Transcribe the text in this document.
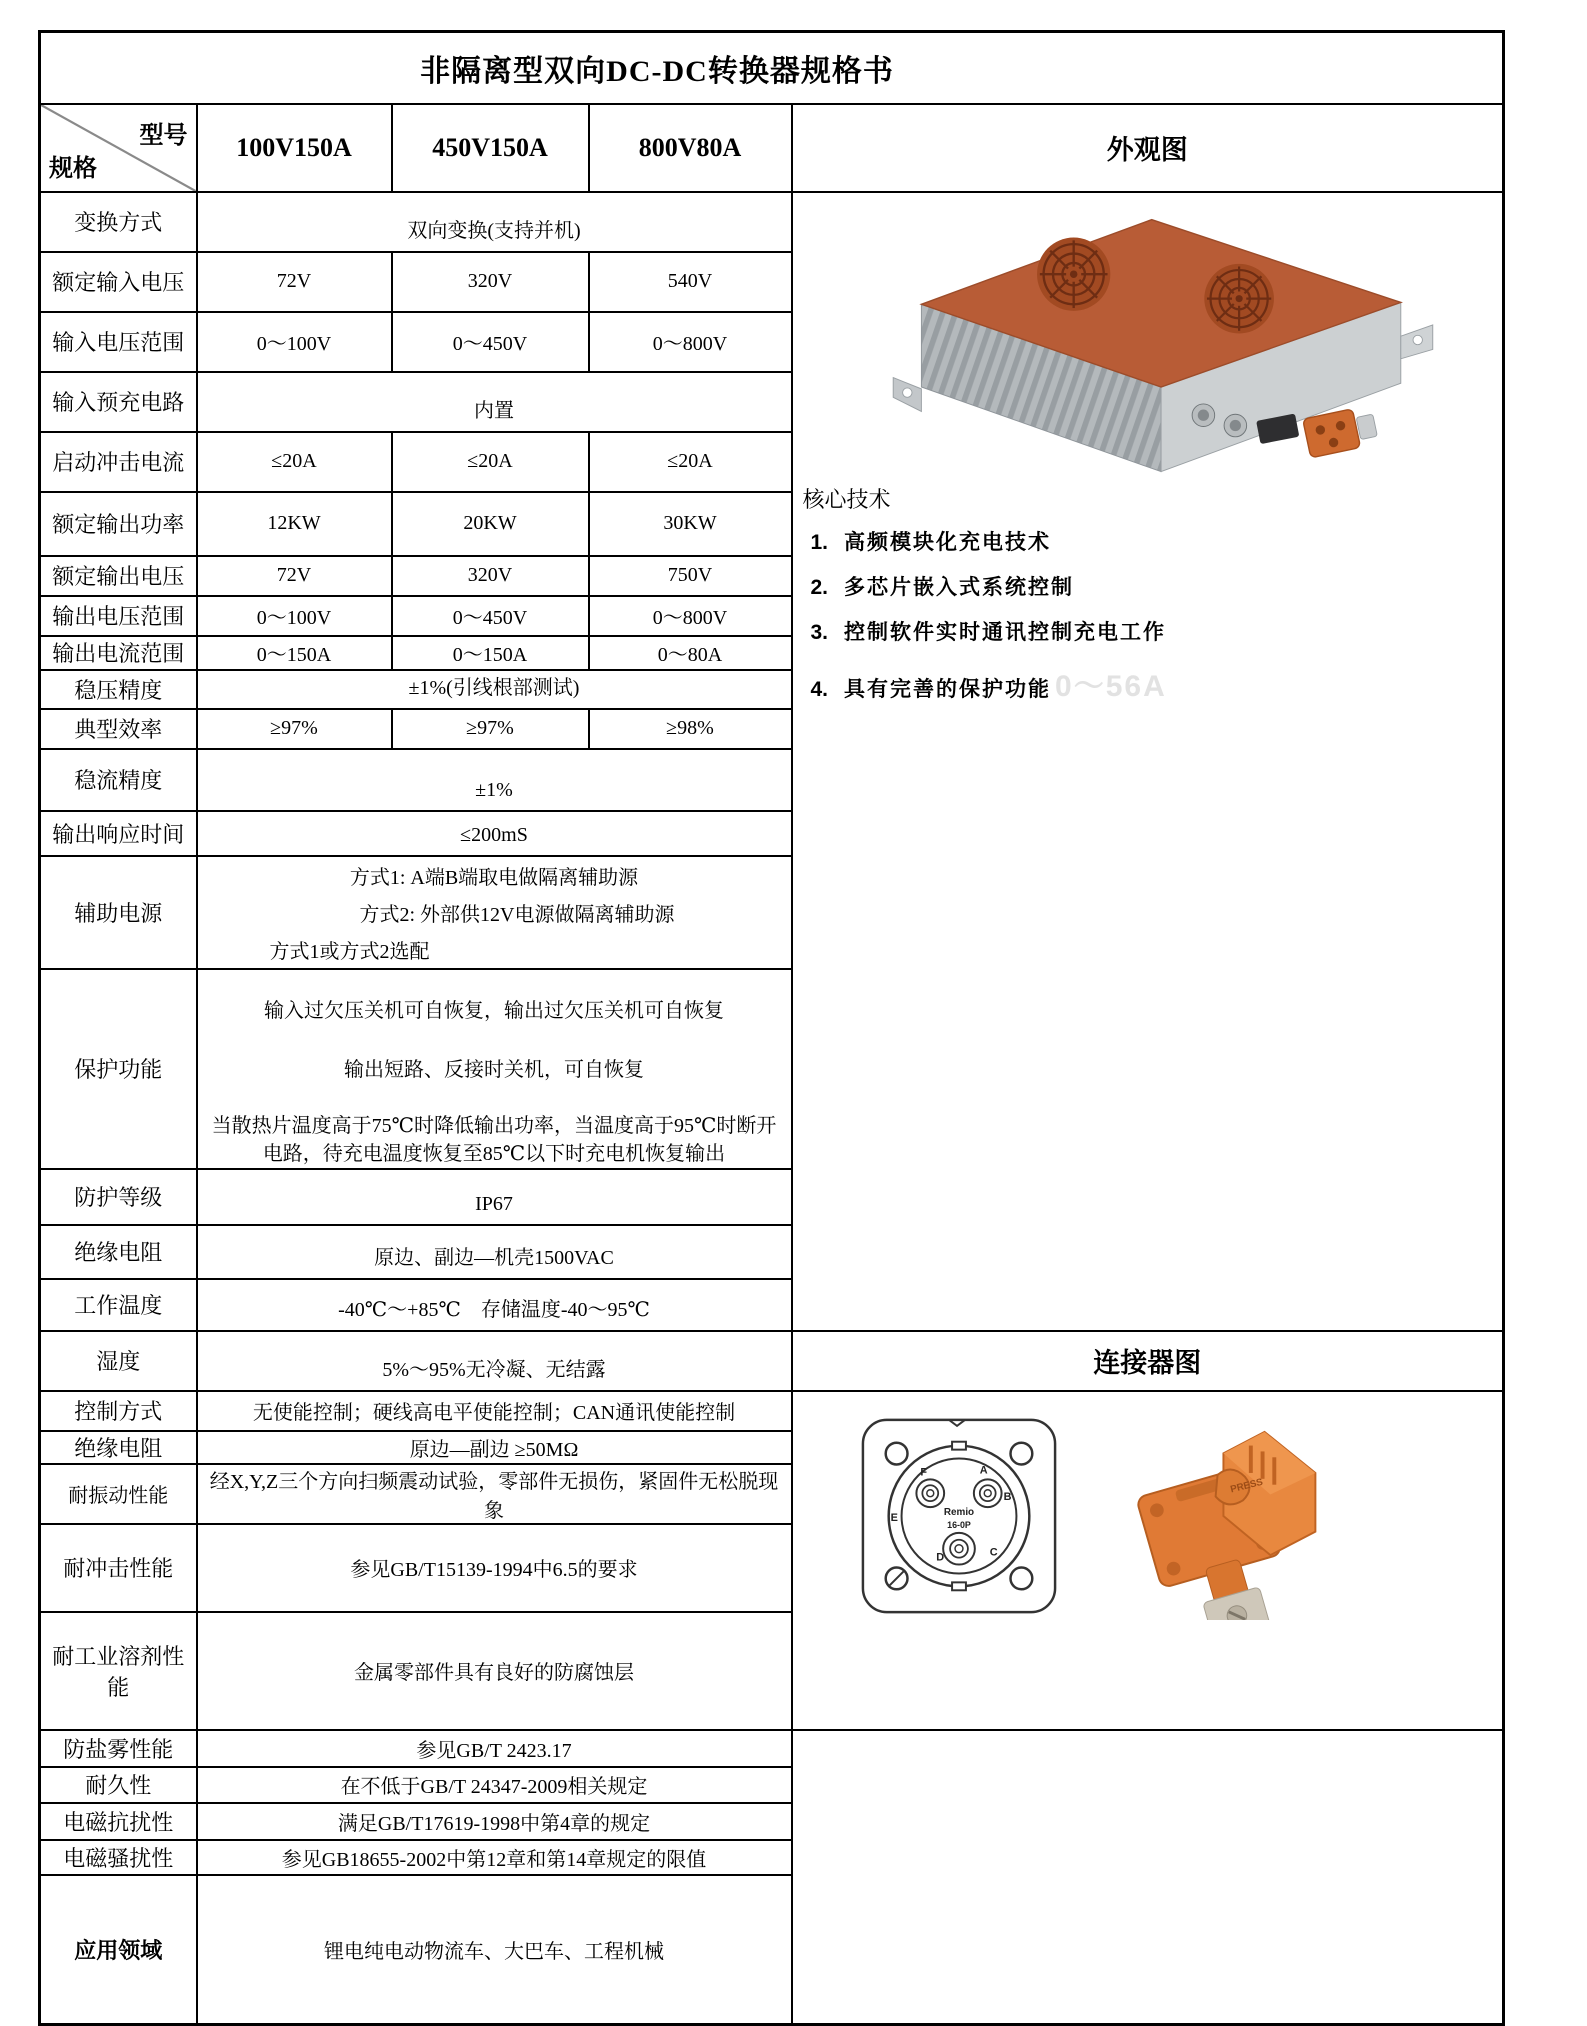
非隔离型双向DC-DC转换器规格书				

型号
规格	100V150A	450V150A	800V80A	外观图
变换方式	双向变换(支持并机)			核心技术
1. 高频模块化充电技术
2. 多芯片嵌入式系统控制
3. 控制软件实时通讯控制充电工作
4. 具有完善的保护功能 0～56A

额定输入电压	72V	320V	540V	
输入电压范围	0～100V	0～450V	0～800V	
输入预充电路	内置			
启动冲击电流	≤20A	≤20A	≤20A	
额定输出功率	12KW	20KW	30KW	
额定输出电压	72V	320V	750V	
输出电压范围	0～100V	0～450V	0～800V	
输出电流范围	0～150A	0～150A	0～80A	
稳压精度	±1%(引线根部测试)			
典型效率	≥97%	≥97%	≥98%	
稳流精度	±1%			
输出响应时间	≤200mS			
辅助电源	方式1: A端B端取电做隔离辅助源
方式2: 外部供12V电源做隔离辅助源
方式1或方式2选配			

保护功能	输入过欠压关机可自恢复，输出过欠压关机可自恢复
输出短路、反接时关机，可自恢复
当散热片温度高于75℃时降低输出功率，当温度高于95℃时断开电路，待充电温度恢复至85℃以下时充电机恢复输出			

防护等级	IP67			
绝缘电阻	原边、副边—机壳1500VAC			
工作温度	-40℃～+85℃　存储温度-40～95℃			
湿度	5%～95%无冷凝、无结露			连接器图
控制方式	无使能控制；硬线高电平使能控制；CAN通讯使能控制	
A
B
C
D
E
F
Remio
16-0P
PRESS

绝缘电阻	原边—副边 ≥50MΩ			
耐振动性能	经X,Y,Z三个方向扫频震动试验，零部件无损伤，紧固件无松脱现象			
耐冲击性能	参见GB/T15139-1994中6.5的要求			
耐工业溶剂性能	金属零部件具有良好的防腐蚀层			
防盐雾性能	参见GB/T 2423.17			
耐久性	在不低于GB/T 24347-2009相关规定			
电磁抗扰性	满足GB/T17619-1998中第4章的规定			
电磁骚扰性	参见GB18655-2002中第12章和第14章规定的限值			
应用领域	锂电纯电动物流车、大巴车、工程机械			
